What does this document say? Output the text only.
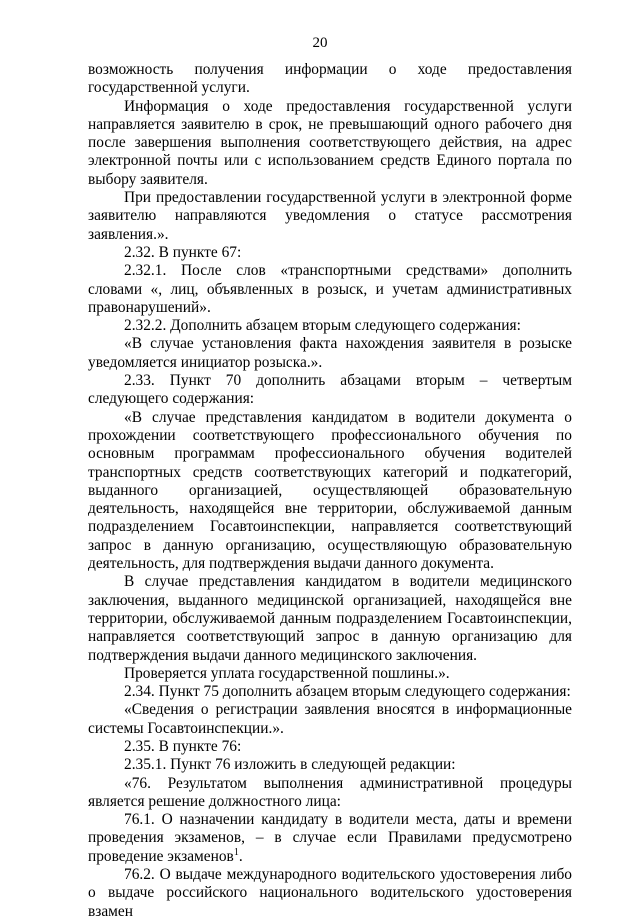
20

возможность получения информации о ходе предоставления государственной услуги.

Информация о ходе предоставления государственной услуги направляется заявителю в срок, не превышающий одного рабочего дня после завершения выполнения соответствующего действия, на адрес электронной почты или с использованием средств Единого портала по выбору заявителя.

При предоставлении государственной услуги в электронной форме заявителю направляются уведомления о статусе рассмотрения заявления.».

2.32. В пункте 67:

2.32.1. После слов «транспортными средствами» дополнить словами «, лиц, объявленных в розыск, и учетам административных правонарушений».

2.32.2. Дополнить абзацем вторым следующего содержания:

«В случае установления факта нахождения заявителя в розыске уведомляется инициатор розыска.».

2.33. Пункт 70 дополнить абзацами вторым – четвертым следующего содержания:

«В случае представления кандидатом в водители документа о прохождении соответствующего профессионального обучения по основным программам профессионального обучения водителей транспортных средств соответствующих категорий и подкатегорий, выданного организацией, осуществляющей образовательную деятельность, находящейся вне территории, обслуживаемой данным подразделением Госавтоинспекции, направляется соответствующий запрос в данную организацию, осуществляющую образовательную деятельность, для подтверждения выдачи данного документа.

В случае представления кандидатом в водители медицинского заключения, выданного медицинской организацией, находящейся вне территории, обслуживаемой данным подразделением Госавтоинспекции, направляется соответствующий запрос в данную организацию для подтверждения выдачи данного медицинского заключения.

Проверяется уплата государственной пошлины.».

2.34. Пункт 75 дополнить абзацем вторым следующего содержания:

«Сведения о регистрации заявления вносятся в информационные системы Госавтоинспекции.».

2.35. В пункте 76:

2.35.1. Пункт 76 изложить в следующей редакции:

«76. Результатом выполнения административной процедуры является решение должностного лица:

76.1. О назначении кандидату в водители места, даты и времени проведения экзаменов, – в случае если Правилами предусмотрено проведение экзаменов$^1$.

76.2. О выдаче международного водительского удостоверения либо о выдаче российского национального водительского удостоверения взамен
